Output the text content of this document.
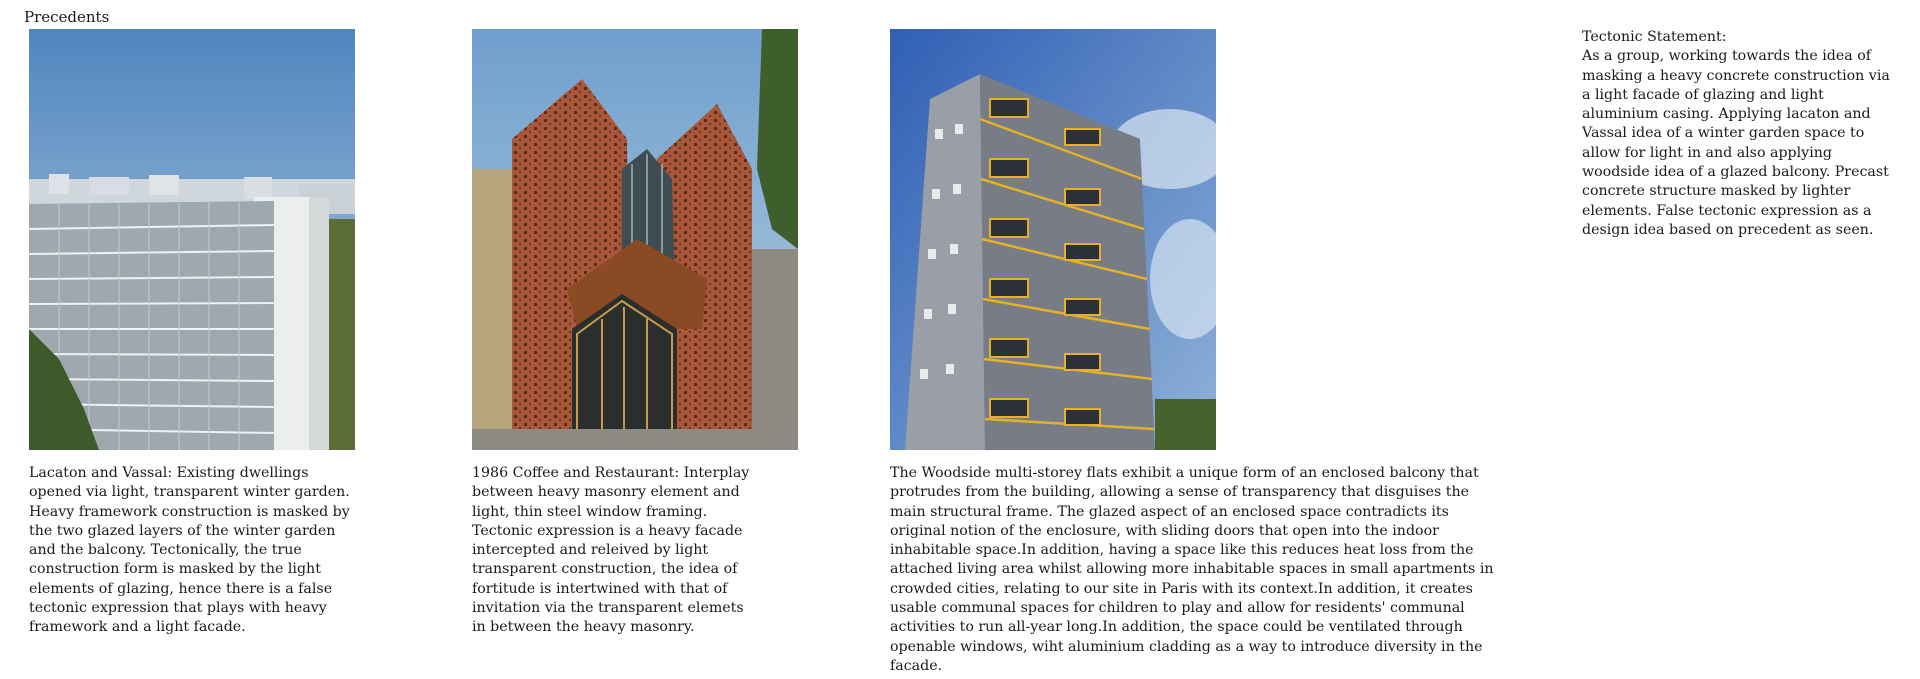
Precedents

Lacaton and Vassal: Existing dwellings opened via light, transparent winter garden. Heavy framework construction is masked by the two glazed layers of the winter garden and the balcony. Tectonically, the true construction form is masked by the light elements of glazing, hence there is a false tectonic expression that plays with heavy framework and a light facade.

1986 Coffee and Restaurant: Interplay between heavy masonry element and light, thin steel window framing. Tectonic expression is a heavy facade intercepted and releived by light transparent construction, the idea of fortitude is intertwined with that of invitation via the transparent elemets in between the heavy masonry.

The Woodside multi-storey flats exhibit a unique form of an enclosed balcony that protrudes from the building, allowing a sense of transparency that disguises the main structural frame. The glazed aspect of an enclosed space contradicts its original notion of the enclosure, with sliding doors that open into the indoor inhabitable space.In addition, having a space like this reduces heat loss from the attached living area whilst allowing more inhabitable spaces in small apartments in crowded cities, relating to our site in Paris with its context.In addition, it creates usable communal spaces for children to play and allow for residents' communal activities to run all-year long.In addition, the space could be ventilated through openable windows, wiht aluminium cladding as a way to introduce diversity in the facade.

Tectonic Statement:

As a group, working towards the idea of masking a heavy concrete construction via a light facade of glazing and light aluminium casing. Applying lacaton and Vassal idea of a winter garden space to allow for light in and also applying woodside idea of a glazed balcony. Precast concrete structure masked by lighter elements. False tectonic expression as a design idea based on precedent as seen.
